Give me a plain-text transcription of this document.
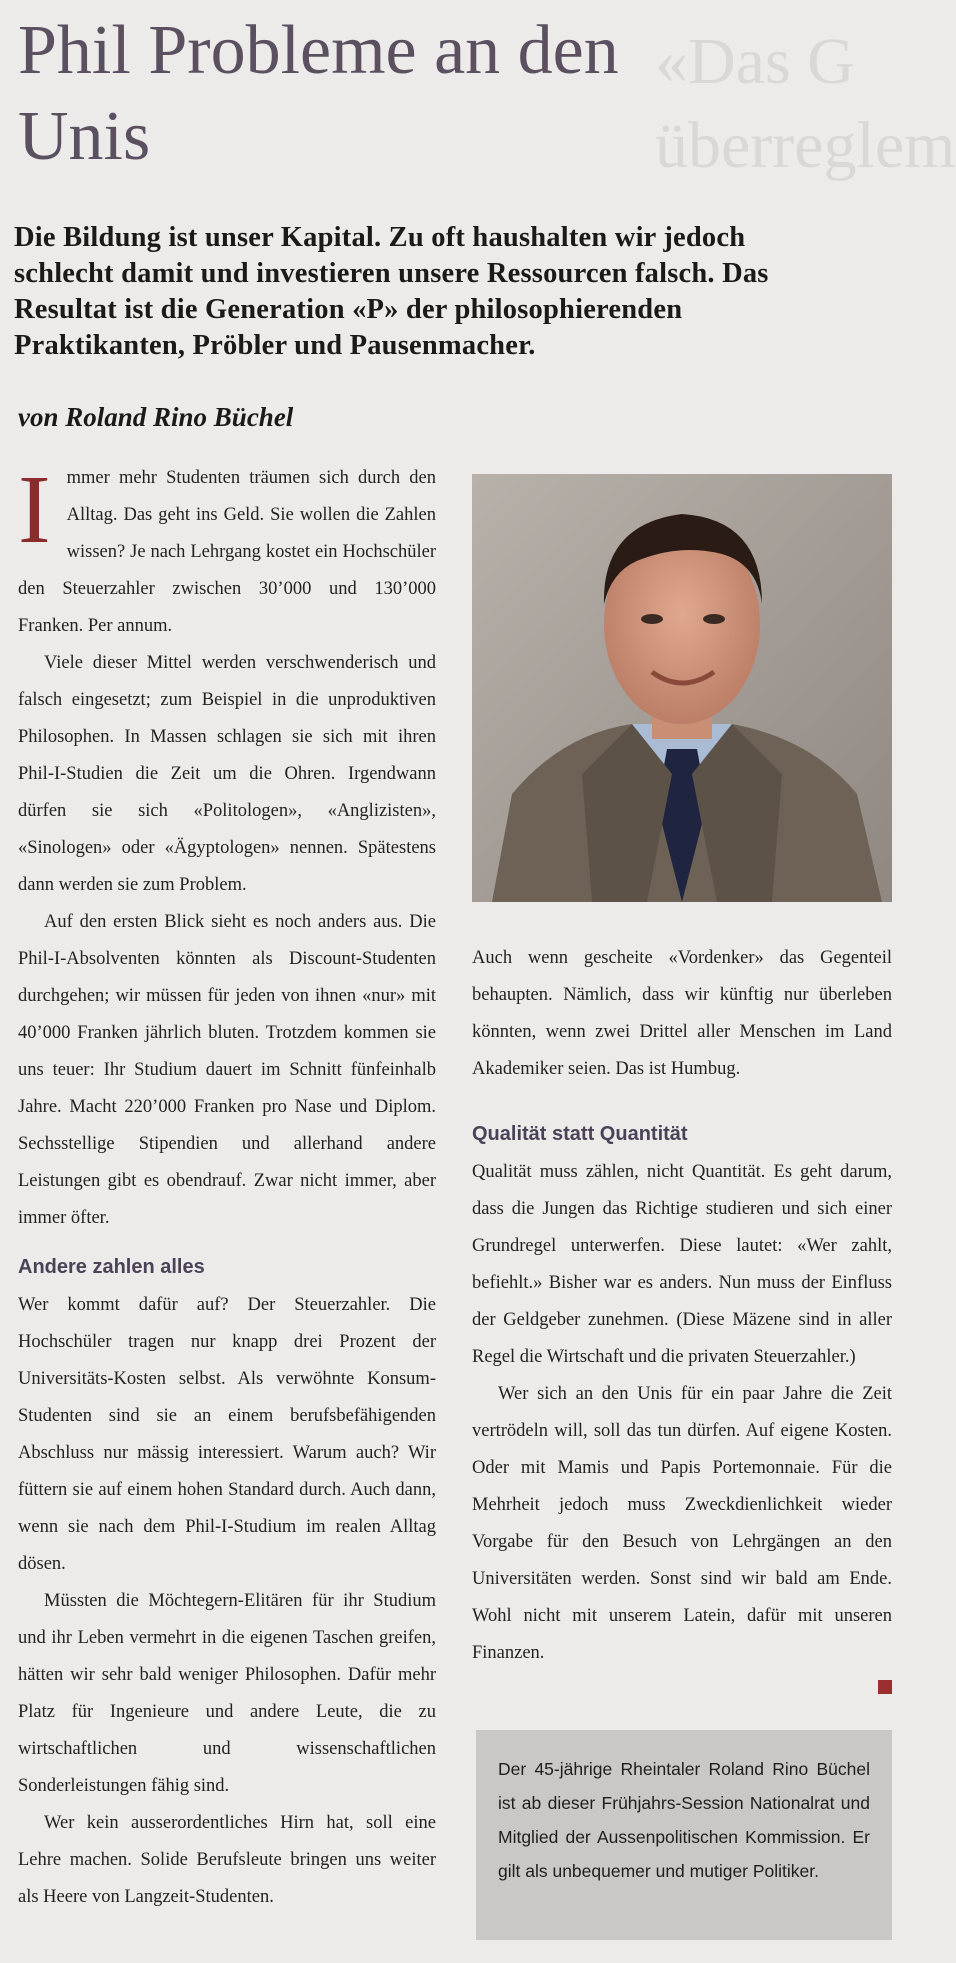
«Das G
überreglem
Phil Probleme an den Unis
Die Bildung ist unser Kapital. Zu oft haushalten wir jedoch schlecht damit und investieren unsere Ressourcen falsch. Das Resultat ist die Generation «P» der philosophierenden Praktikanten, Pröbler und Pausenmacher.
von Roland Rino Büchel

Immer mehr Studenten träumen sich durch den Alltag. Das geht ins Geld. Sie wollen die Zahlen wissen? Je nach Lehrgang kostet ein Hochschüler den Steuerzahler zwischen 30’000 und 130’000 Franken. Per annum.

Viele dieser Mittel werden verschwenderisch und falsch eingesetzt; zum Beispiel in die unproduktiven Philosophen. In Massen schlagen sie sich mit ihren Phil-I-Studien die Zeit um die Ohren. Irgendwann dürfen sie sich «Politologen», «Anglizisten», «Sinologen» oder «Ägyptologen» nennen. Spätestens dann werden sie zum Problem.

Auf den ersten Blick sieht es noch anders aus. Die Phil-I-Absolventen könnten als Discount-Studenten durchgehen; wir müssen für jeden von ihnen «nur» mit 40’000 Franken jährlich bluten. Trotzdem kommen sie uns teuer: Ihr Studium dauert im Schnitt fünfeinhalb Jahre. Macht 220’000 Franken pro Nase und Diplom. Sechsstellige Stipendien und allerhand andere Leistungen gibt es obendrauf. Zwar nicht immer, aber immer öfter.

Andere zahlen alles

Wer kommt dafür auf? Der Steuerzahler. Die Hochschüler tragen nur knapp drei Prozent der Universitäts-Kosten selbst. Als verwöhnte Konsum-Studenten sind sie an einem berufsbefähigenden Abschluss nur mässig interessiert. Warum auch? Wir füttern sie auf einem hohen Standard durch. Auch dann, wenn sie nach dem Phil-I-Studium im realen Alltag dösen.

Müssten die Möchtegern-Elitären für ihr Studium und ihr Leben vermehrt in die eigenen Taschen greifen, hätten wir sehr bald weniger Philosophen. Dafür mehr Platz für Ingenieure und andere Leute, die zu wirtschaftlichen und wissenschaftlichen Sonderleistungen fähig sind.

Wer kein ausserordentliches Hirn hat, soll eine Lehre machen. Solide Berufsleute bringen uns weiter als Heere von Langzeit-Studenten.

Auch wenn gescheite «Vordenker» das Gegenteil behaupten. Nämlich, dass wir künftig nur überleben könnten, wenn zwei Drittel aller Menschen im Land Akademiker seien. Das ist Humbug.

Qualität statt Quantität

Qualität muss zählen, nicht Quantität. Es geht darum, dass die Jungen das Richtige studieren und sich einer Grundregel unterwerfen. Diese lautet: «Wer zahlt, befiehlt.» Bisher war es anders. Nun muss der Einfluss der Geldgeber zunehmen. (Diese Mäzene sind in aller Regel die Wirtschaft und die privaten Steuerzahler.)

Wer sich an den Unis für ein paar Jahre die Zeit vertrödeln will, soll das tun dürfen. Auf eigene Kosten. Oder mit Mamis und Papis Portemonnaie. Für die Mehrheit jedoch muss Zweckdienlichkeit wieder Vorgabe für den Besuch von Lehrgängen an den Universitäten werden. Sonst sind wir bald am Ende. Wohl nicht mit unserem Latein, dafür mit unseren Finanzen.

Der 45-jährige Rheintaler Roland Rino Büchel ist ab dieser Frühjahrs-Session Nationalrat und Mitglied der Aussenpolitischen Kommission. Er gilt als unbequemer und mutiger Politiker.
